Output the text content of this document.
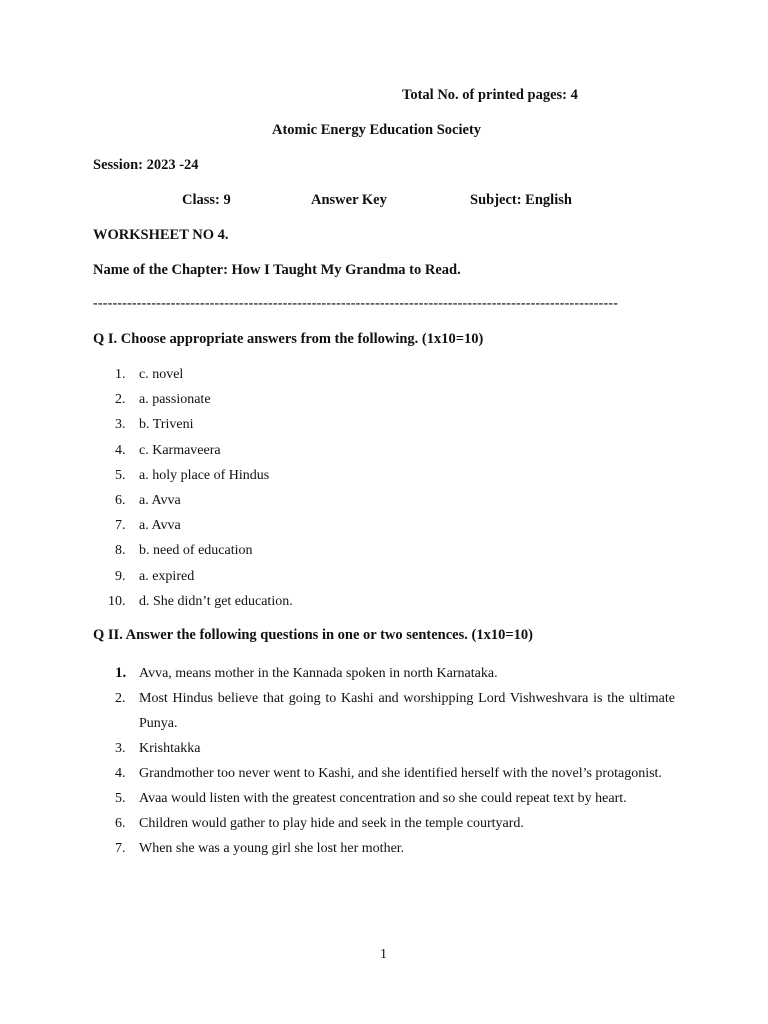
Total No. of printed pages: 4
Atomic Energy Education Society
Session: 2023 -24
Class: 9	Answer Key	Subject: English
WORKSHEET NO 4.
Name of the Chapter: How I Taught My Grandma to Read.
------------------------------------------------------------------------------------------------------------
Q I. Choose appropriate answers from the following. (1x10=10)
1. c. novel
2. a. passionate
3. b. Triveni
4. c. Karmaveera
5. a. holy place of Hindus
6. a. Avva
7. a. Avva
8. b. need of education
9. a. expired
10. d. She didn’t get education.
Q II. Answer the following questions in one or two sentences. (1x10=10)
1. Avva, means mother in the Kannada spoken in north Karnataka.
2. Most Hindus believe that going to Kashi and worshipping Lord Vishweshvara is the ultimate Punya.
3. Krishtakka
4. Grandmother too never went to Kashi, and she identified herself with the novel’s protagonist.
5. Avaa would listen with the greatest concentration and so she could repeat text by heart.
6. Children would gather to play hide and seek in the temple courtyard.
7. When she was a young girl she lost her mother.
1
